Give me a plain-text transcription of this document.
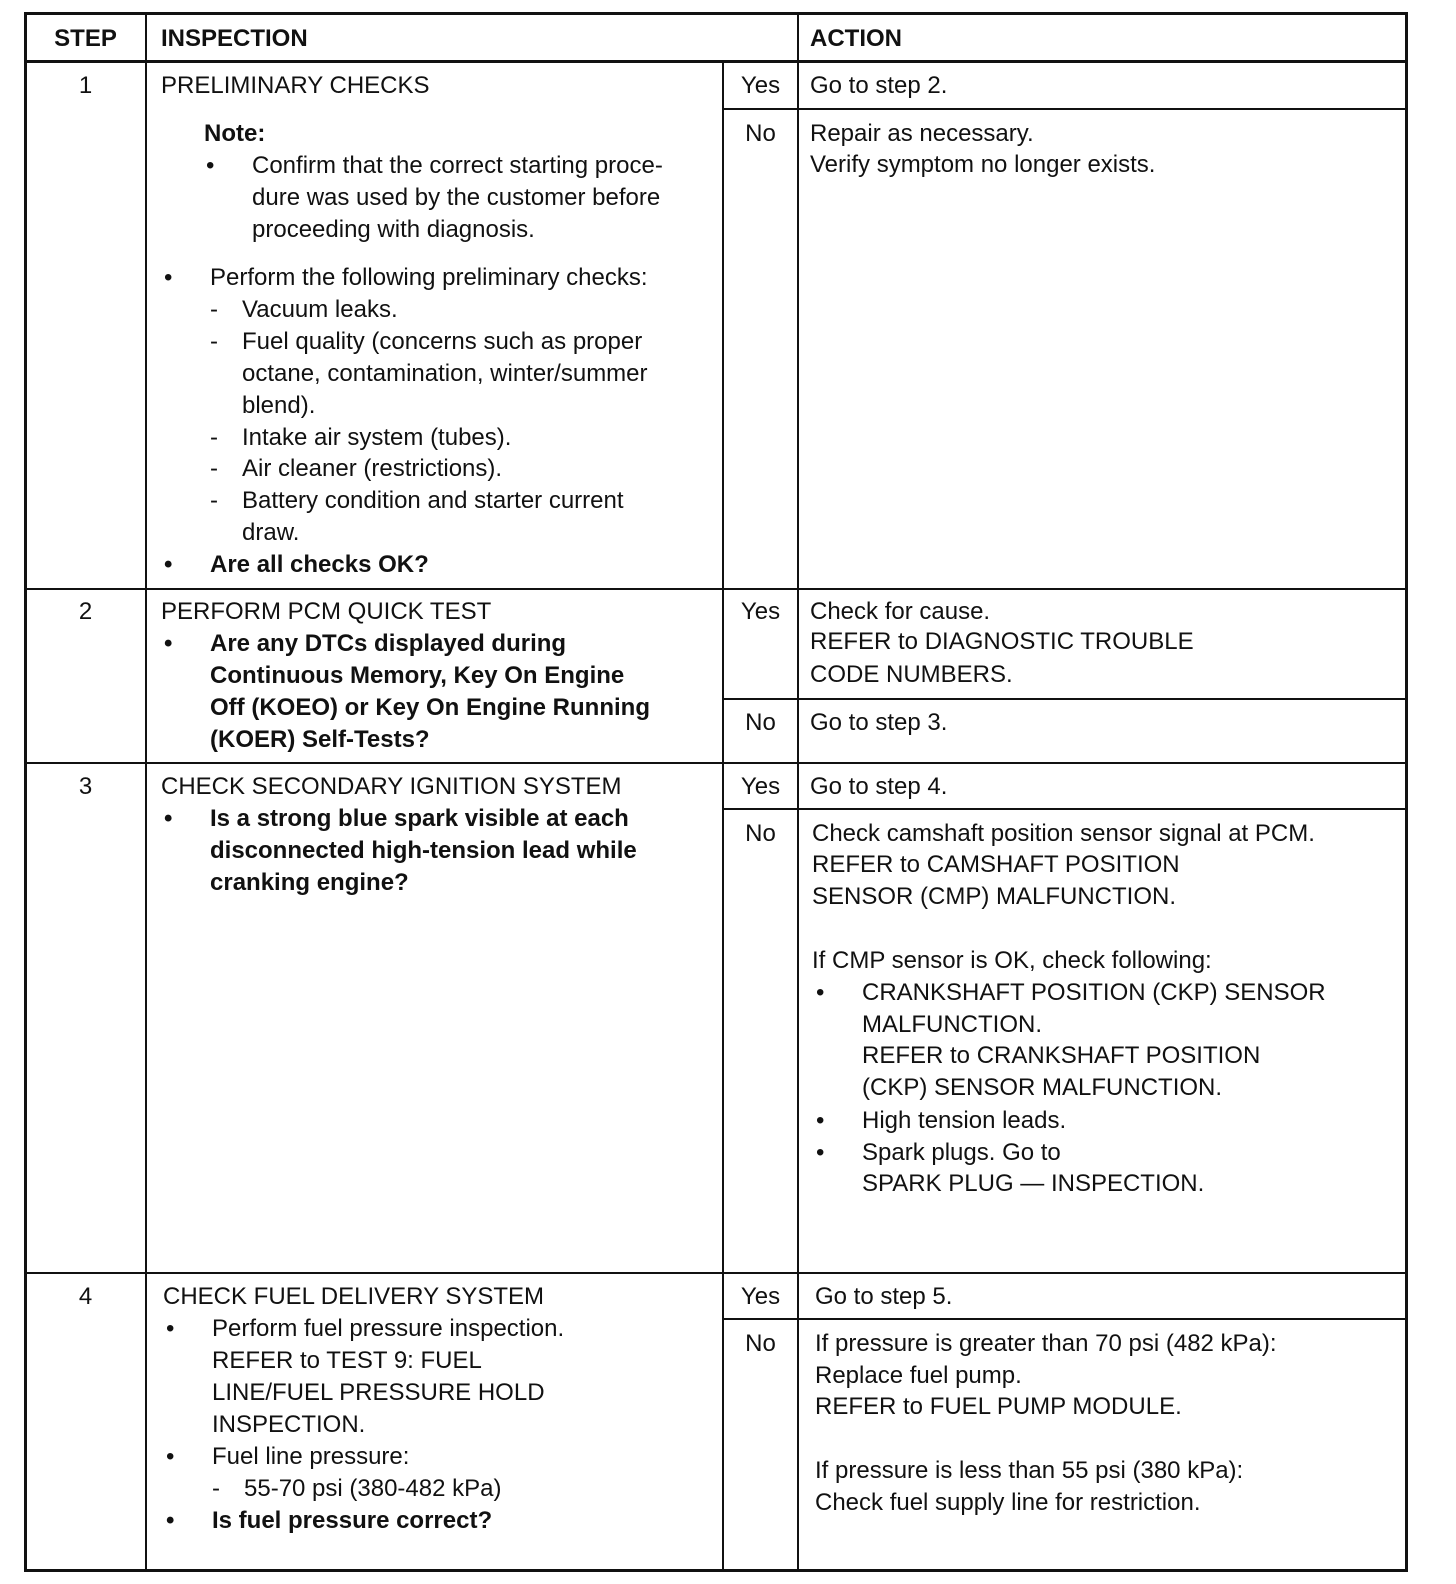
STEP	INSPECTION	ACTION
1	PRELIMINARY CHECKS
Note:
• Confirm that the correct starting proce-
dure was used by the customer before
proceeding with diagnosis.
• Perform the following preliminary checks:
- Vacuum leaks.
- Fuel quality (concerns such as proper
octane, contamination, winter/summer
blend).
- Intake air system (tubes).
- Air cleaner (restrictions).
- Battery condition and starter current
draw.
• Are all checks OK?
Yes	Go to step 2.
No	Repair as necessary.
Verify symptom no longer exists.
2	PERFORM PCM QUICK TEST
• Are any DTCs displayed during
Continuous Memory, Key On Engine
Off (KOEO) or Key On Engine Running
(KOER) Self-Tests?
Yes	Check for cause.
REFER to DIAGNOSTIC TROUBLE
CODE NUMBERS.
No	Go to step 3.
3	CHECK SECONDARY IGNITION SYSTEM
• Is a strong blue spark visible at each
disconnected high-tension lead while
cranking engine?
Yes	Go to step 4.
No	Check camshaft position sensor signal at PCM.
REFER to CAMSHAFT POSITION
SENSOR (CMP) MALFUNCTION.
If CMP sensor is OK, check following:
• CRANKSHAFT POSITION (CKP) SENSOR
MALFUNCTION.
REFER to CRANKSHAFT POSITION
(CKP) SENSOR MALFUNCTION.
• High tension leads.
• Spark plugs. Go to
SPARK PLUG — INSPECTION.
4	CHECK FUEL DELIVERY SYSTEM
• Perform fuel pressure inspection.
REFER to TEST 9: FUEL
LINE/FUEL PRESSURE HOLD
INSPECTION.
• Fuel line pressure:
- 55-70 psi (380-482 kPa)
• Is fuel pressure correct?
Yes	Go to step 5.
No	If pressure is greater than 70 psi (482 kPa):
Replace fuel pump.
REFER to FUEL PUMP MODULE.
If pressure is less than 55 psi (380 kPa):
Check fuel supply line for restriction.
